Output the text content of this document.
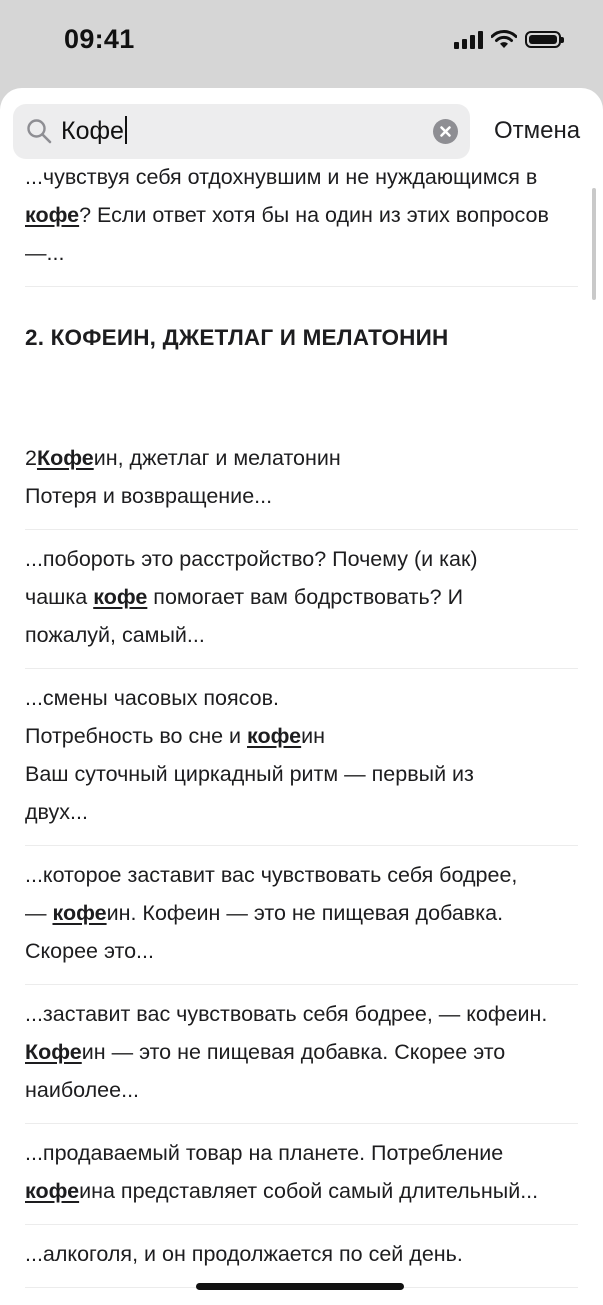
09:41
Кофе	Отмена
...чувствуя себя отдохнувшим и не нуждающимся в
кофе? Если ответ хотя бы на один из этих вопросов
—...
2. КОФЕИН, ДЖЕТЛАГ И МЕЛАТОНИН
2Кофеин, джетлаг и мелатонин
Потеря и возвращение...
...побороть это расстройство? Почему (и как)
чашка кофе помогает вам бодрствовать? И
пожалуй, самый...
...смены часовых поясов.
Потребность во сне и кофеин
Ваш суточный циркадный ритм — первый из
двух...
...которое заставит вас чувствовать себя бодрее,
— кофеин. Кофеин — это не пищевая добавка.
Скорее это...
...заставит вас чувствовать себя бодрее, — кофеин.
Кофеин — это не пищевая добавка. Скорее это
наиболее...
...продаваемый товар на планете. Потребление
кофеина представляет собой самый длительный...
...алкоголя, и он продолжается по сей день.
